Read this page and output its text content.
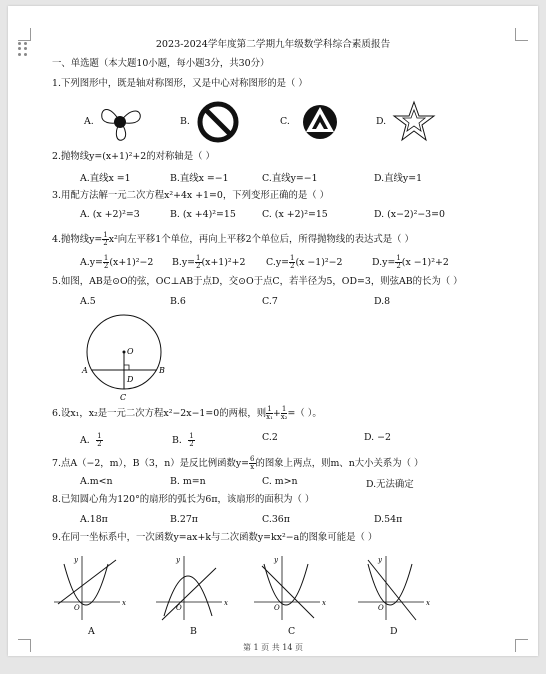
2023-2024学年度第二学期九年级数学科综合素质报告
一、单选题（本大题10小题，每小题3分，共30分）
1.下列图形中，既是轴对称图形，又是中心对称图形的是（ ）
A.	B.	C.	D.
2.抛物线y=(x+1)²+2的对称轴是（ ）
A.直线x =1	B.直线x =−1	C.直线y=−1	D.直线y=1
3.用配方法解一元二次方程x²+4x +1=0，下列变形正确的是（ ）
A. (x +2)²=3	B. (x +4)²=15	C. (x +2)²=15	D. (x−2)²−3=0
4.抛物线$y= \frac{1}{2} x^2$向左平移1个单位，再向上平移2个单位后，所得抛物线的表达式是（ ）
$A.y= \frac{1}{2} (x+1)^2-2$ $B.y= \frac{1}{2} (x+1)^2+2$ $C.y= \frac{1}{2} (x -1)^2-2$	$D.y= \frac{1}{2} (x -1)^2+2$
5.如图，AB是⊙O的弦，OC⊥AB于点D，交⊙O于点C，若半径为5，OD=3，则弦AB的长为（ ）
A.5	B.6	C.7	D.8
O
A	B
C
D
6.设x₁，x₂是一元二次方程x²−2x−1=0的两根，则 $\frac{1}{\text{x₁}} + \frac{1}{\text{x₂}}$ =（ ）。
A． $\frac{1}{2}$	B． $\frac{1}{2}$	C.2	D. −2
7.点A（−2，m），B（3，n）是反比例函数$y= \frac{6}{x}$ 的图象上两点，则m、n大小关系为（ ）
A.m<n	B. m=n	C. m>n	D.无法确定
8.已知圆心角为120°的扇形的弧长为6π，该扇形的面积为（ ）
A.18π	B.27π	C.36π	D.54π
9.在同一坐标系中，一次函数y=ax+k与二次函数y=kx²−a的图象可能是（ ）
x
y
O
x
y
O
x
y
O
x
y
O
A	B	C	D
第 1 页 共 14 页
